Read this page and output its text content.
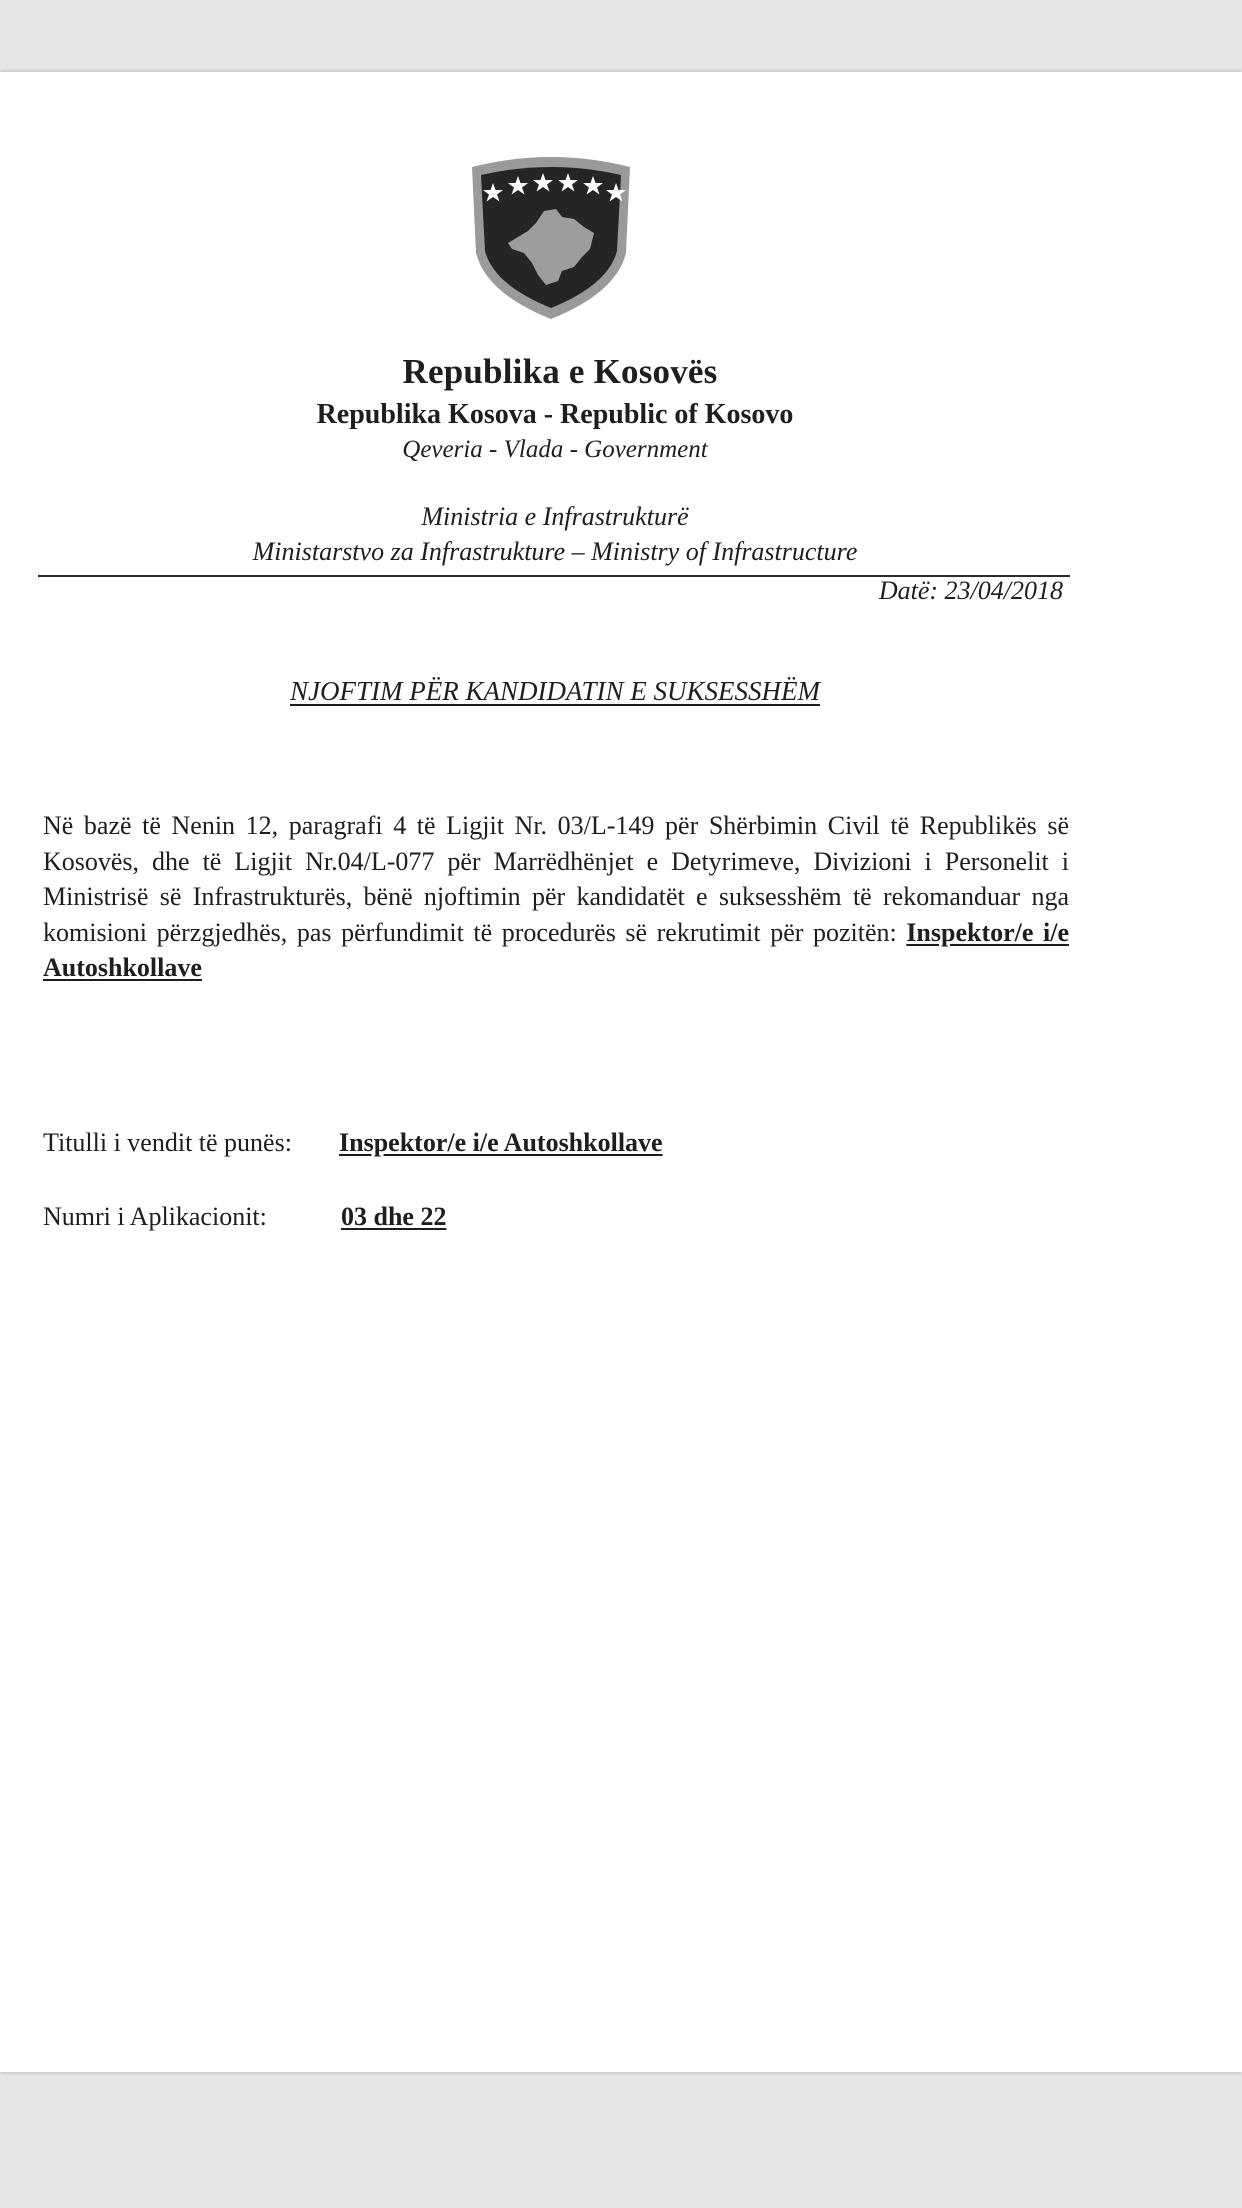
Republika e Kosovës
Republika Kosova - Republic of Kosovo
Qeveria - Vlada - Government
Ministria e Infrastrukturë
Ministarstvo za Infrastrukture – Ministry of Infrastructure
Datë: 23/04/2018
NJOFTIM PËR KANDIDATIN E SUKSESSHËM
Në bazë të Nenin 12, paragrafi 4 të Ligjit Nr. 03/L-149 për Shërbimin Civil të Republikës së Kosovës, dhe të Ligjit Nr.04/L-077 për Marrëdhënjet e Detyrimeve, Divizioni i Personelit i Ministrisë së Infrastrukturës, bënë njoftimin për kandidatët e suksesshëm të rekomanduar nga komisioni përzgjedhës, pas përfundimit të procedurës së rekrutimit për pozitën: Inspektor/e i/e Autoshkollave
Titulli i vendit të punës: Inspektor/e i/e Autoshkollave
Numri i Aplikacionit:	03 dhe 22
